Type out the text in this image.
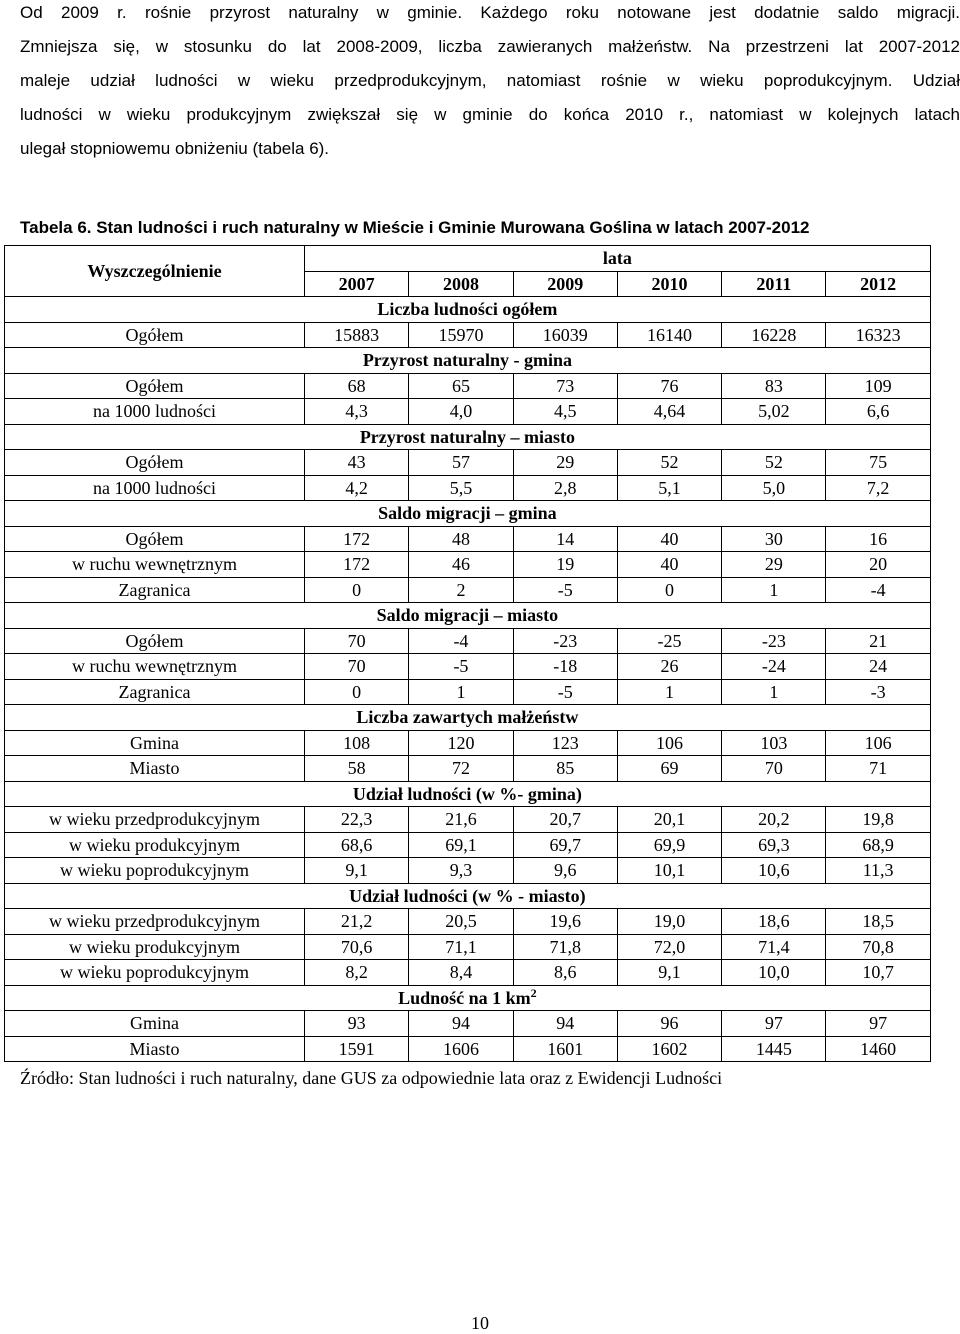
Od 2009 r. rośnie przyrost naturalny w gminie. Każdego roku notowane jest dodatnie saldo migracji.
Zmniejsza się, w stosunku do lat 2008-2009, liczba zawieranych małżeństw. Na przestrzeni lat 2007-2012
maleje udział ludności w wieku przedprodukcyjnym, natomiast rośnie w wieku poprodukcyjnym. Udział
ludności w wieku produkcyjnym zwiększał się w gminie do końca 2010 r., natomiast w kolejnych latach
ulegał stopniowemu obniżeniu (tabela 6).

Tabela 6. Stan ludności i ruch naturalny w Mieście i Gminie Murowana Goślina w latach 2007-2012

Wyszczególnienie	lata					
	2007	2008	2009	2010	2011	2012
Liczba ludności ogółem						
Ogółem	15883	15970	16039	16140	16228	16323
Przyrost naturalny - gmina						
Ogółem	68	65	73	76	83	109
na 1000 ludności	4,3	4,0	4,5	4,64	5,02	6,6
Przyrost naturalny – miasto						
Ogółem	43	57	29	52	52	75
na 1000 ludności	4,2	5,5	2,8	5,1	5,0	7,2
Saldo migracji – gmina						
Ogółem	172	48	14	40	30	16
w ruchu wewnętrznym	172	46	19	40	29	20
Zagranica	0	2	-5	0	1	-4
Saldo migracji – miasto						
Ogółem	70	-4	-23	-25	-23	21
w ruchu wewnętrznym	70	-5	-18	26	-24	24
Zagranica	0	1	-5	1	1	-3
Liczba zawartych małżeństw						
Gmina	108	120	123	106	103	106
Miasto	58	72	85	69	70	71
Udział ludności (w %- gmina)						
w wieku przedprodukcyjnym	22,3	21,6	20,7	20,1	20,2	19,8
w wieku produkcyjnym	68,6	69,1	69,7	69,9	69,3	68,9
w wieku poprodukcyjnym	9,1	9,3	9,6	10,1	10,6	11,3
Udział ludności (w % - miasto)						
w wieku przedprodukcyjnym	21,2	20,5	19,6	19,0	18,6	18,5
w wieku produkcyjnym	70,6	71,1	71,8	72,0	71,4	70,8
w wieku poprodukcyjnym	8,2	8,4	8,6	9,1	10,0	10,7
Ludność na 1 $km^2$
Gmina	93	94	94	96	97	97
Miasto	1591	1606	1601	1602	1445	1460

Źródło: Stan ludności i ruch naturalny, dane GUS za odpowiednie lata oraz z Ewidencji Ludności

10
